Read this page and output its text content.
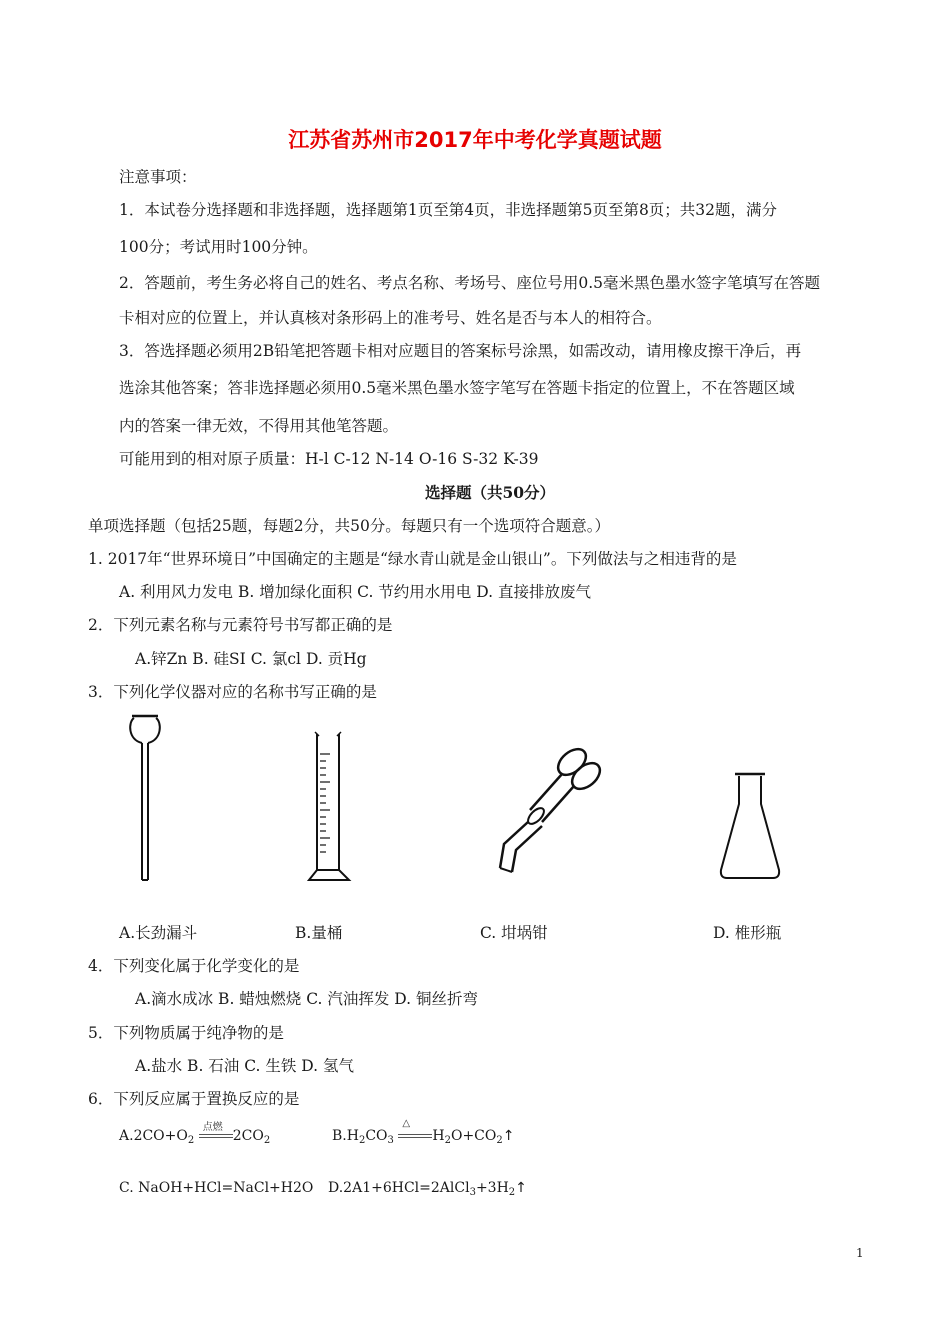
江苏省苏州市2017年中考化学真题试题
注意事项：
1．本试卷分选择题和非选择题，选择题第1页至第4页，非选择题第5页至第8页；共32题，满分
100分；考试用时100分钟。
2．答题前，考生务必将自己的姓名、考点名称、考场号、座位号用0.5毫米黑色墨水签字笔填写在答题
卡相对应的位置上，并认真核对条形码上的准考号、姓名是否与本人的相符合。
3．答选择题必须用2B铅笔把答题卡相对应题目的答案标号涂黑，如需改动，请用橡皮擦干净后，再
选涂其他答案；答非选择题必须用0.5毫米黑色墨水签字笔写在答题卡指定的位置上，不在答题区域
内的答案一律无效，不得用其他笔答题。
可能用到的相对原子质量：H-l C-12 N-14 O-16 S-32 K-39
选择题（共50分）
单项选择题（包括25题，每题2分，共50分。每题只有一个选项符合题意。）
1. 2017年“世界环境日”中国确定的主题是“绿水青山就是金山银山”。下列做法与之相违背的是
A. 利用风力发电 B. 增加绿化面积 C. 节约用水用电 D. 直接排放废气
2．下列元素名称与元素符号书写都正确的是
A.锌Zn B. 硅SI C. 氯cl D. 贡Hg
3．下列化学仪器对应的名称书写正确的是
A.长劲漏斗	B.量桶	C. 坩埚钳	D. 椎形瓶
4．下列变化属于化学变化的是
A.滴水成冰 B. 蜡烛燃烧 C. 汽油挥发 D. 铜丝折弯
5．下列物质属于纯净物的是
A.盐水 B. 石油 C. 生铁 D. 氢气
6．下列反应属于置换反应的是
$A.2CO+O_2$
点燃
$2CO_2$	$B.H_2CO_3$
△
$H_2O+CO_2↑$
C. NaOH+HCl=NaCl+H2O $D.2A1+6HCl=2AlCl_3+3H_2↑$
1
